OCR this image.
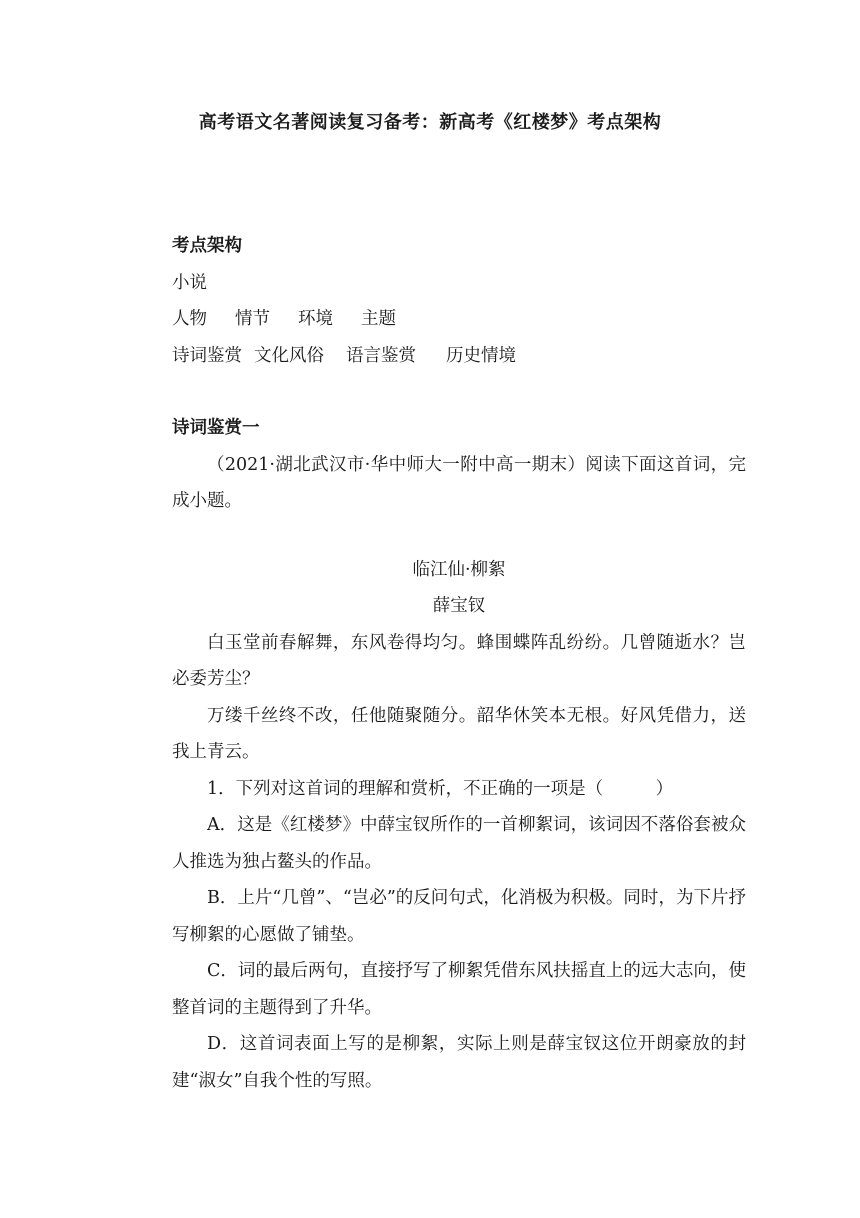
高考语文名著阅读复习备考：新高考《红楼梦》考点架构
考点架构
小说
人物 情节 环境 主题
诗词鉴赏 文化风俗 语言鉴赏 历史情境
诗词鉴赏一
（2021·湖北武汉市·华中师大一附中高一期末）阅读下面这首词，完成小题。
临江仙·柳絮
薛宝钗
白玉堂前春解舞，东风卷得均匀。蜂围蝶阵乱纷纷。几曾随逝水？岂必委芳尘？
万缕千丝终不改，任他随聚随分。韶华休笑本无根。好风凭借力，送我上青云。
1．下列对这首词的理解和赏析，不正确的一项是（　　　）
A．这是《红楼梦》中薛宝钗所作的一首柳絮词，该词因不落俗套被众人推选为独占鳌头的作品。
B．上片“几曾”、“岂必”的反问句式，化消极为积极。同时，为下片抒写柳絮的心愿做了铺垫。
C．词的最后两句，直接抒写了柳絮凭借东风扶摇直上的远大志向，使整首词的主题得到了升华。
D．这首词表面上写的是柳絮，实际上则是薛宝钗这位开朗豪放的封建“淑女”自我个性的写照。
